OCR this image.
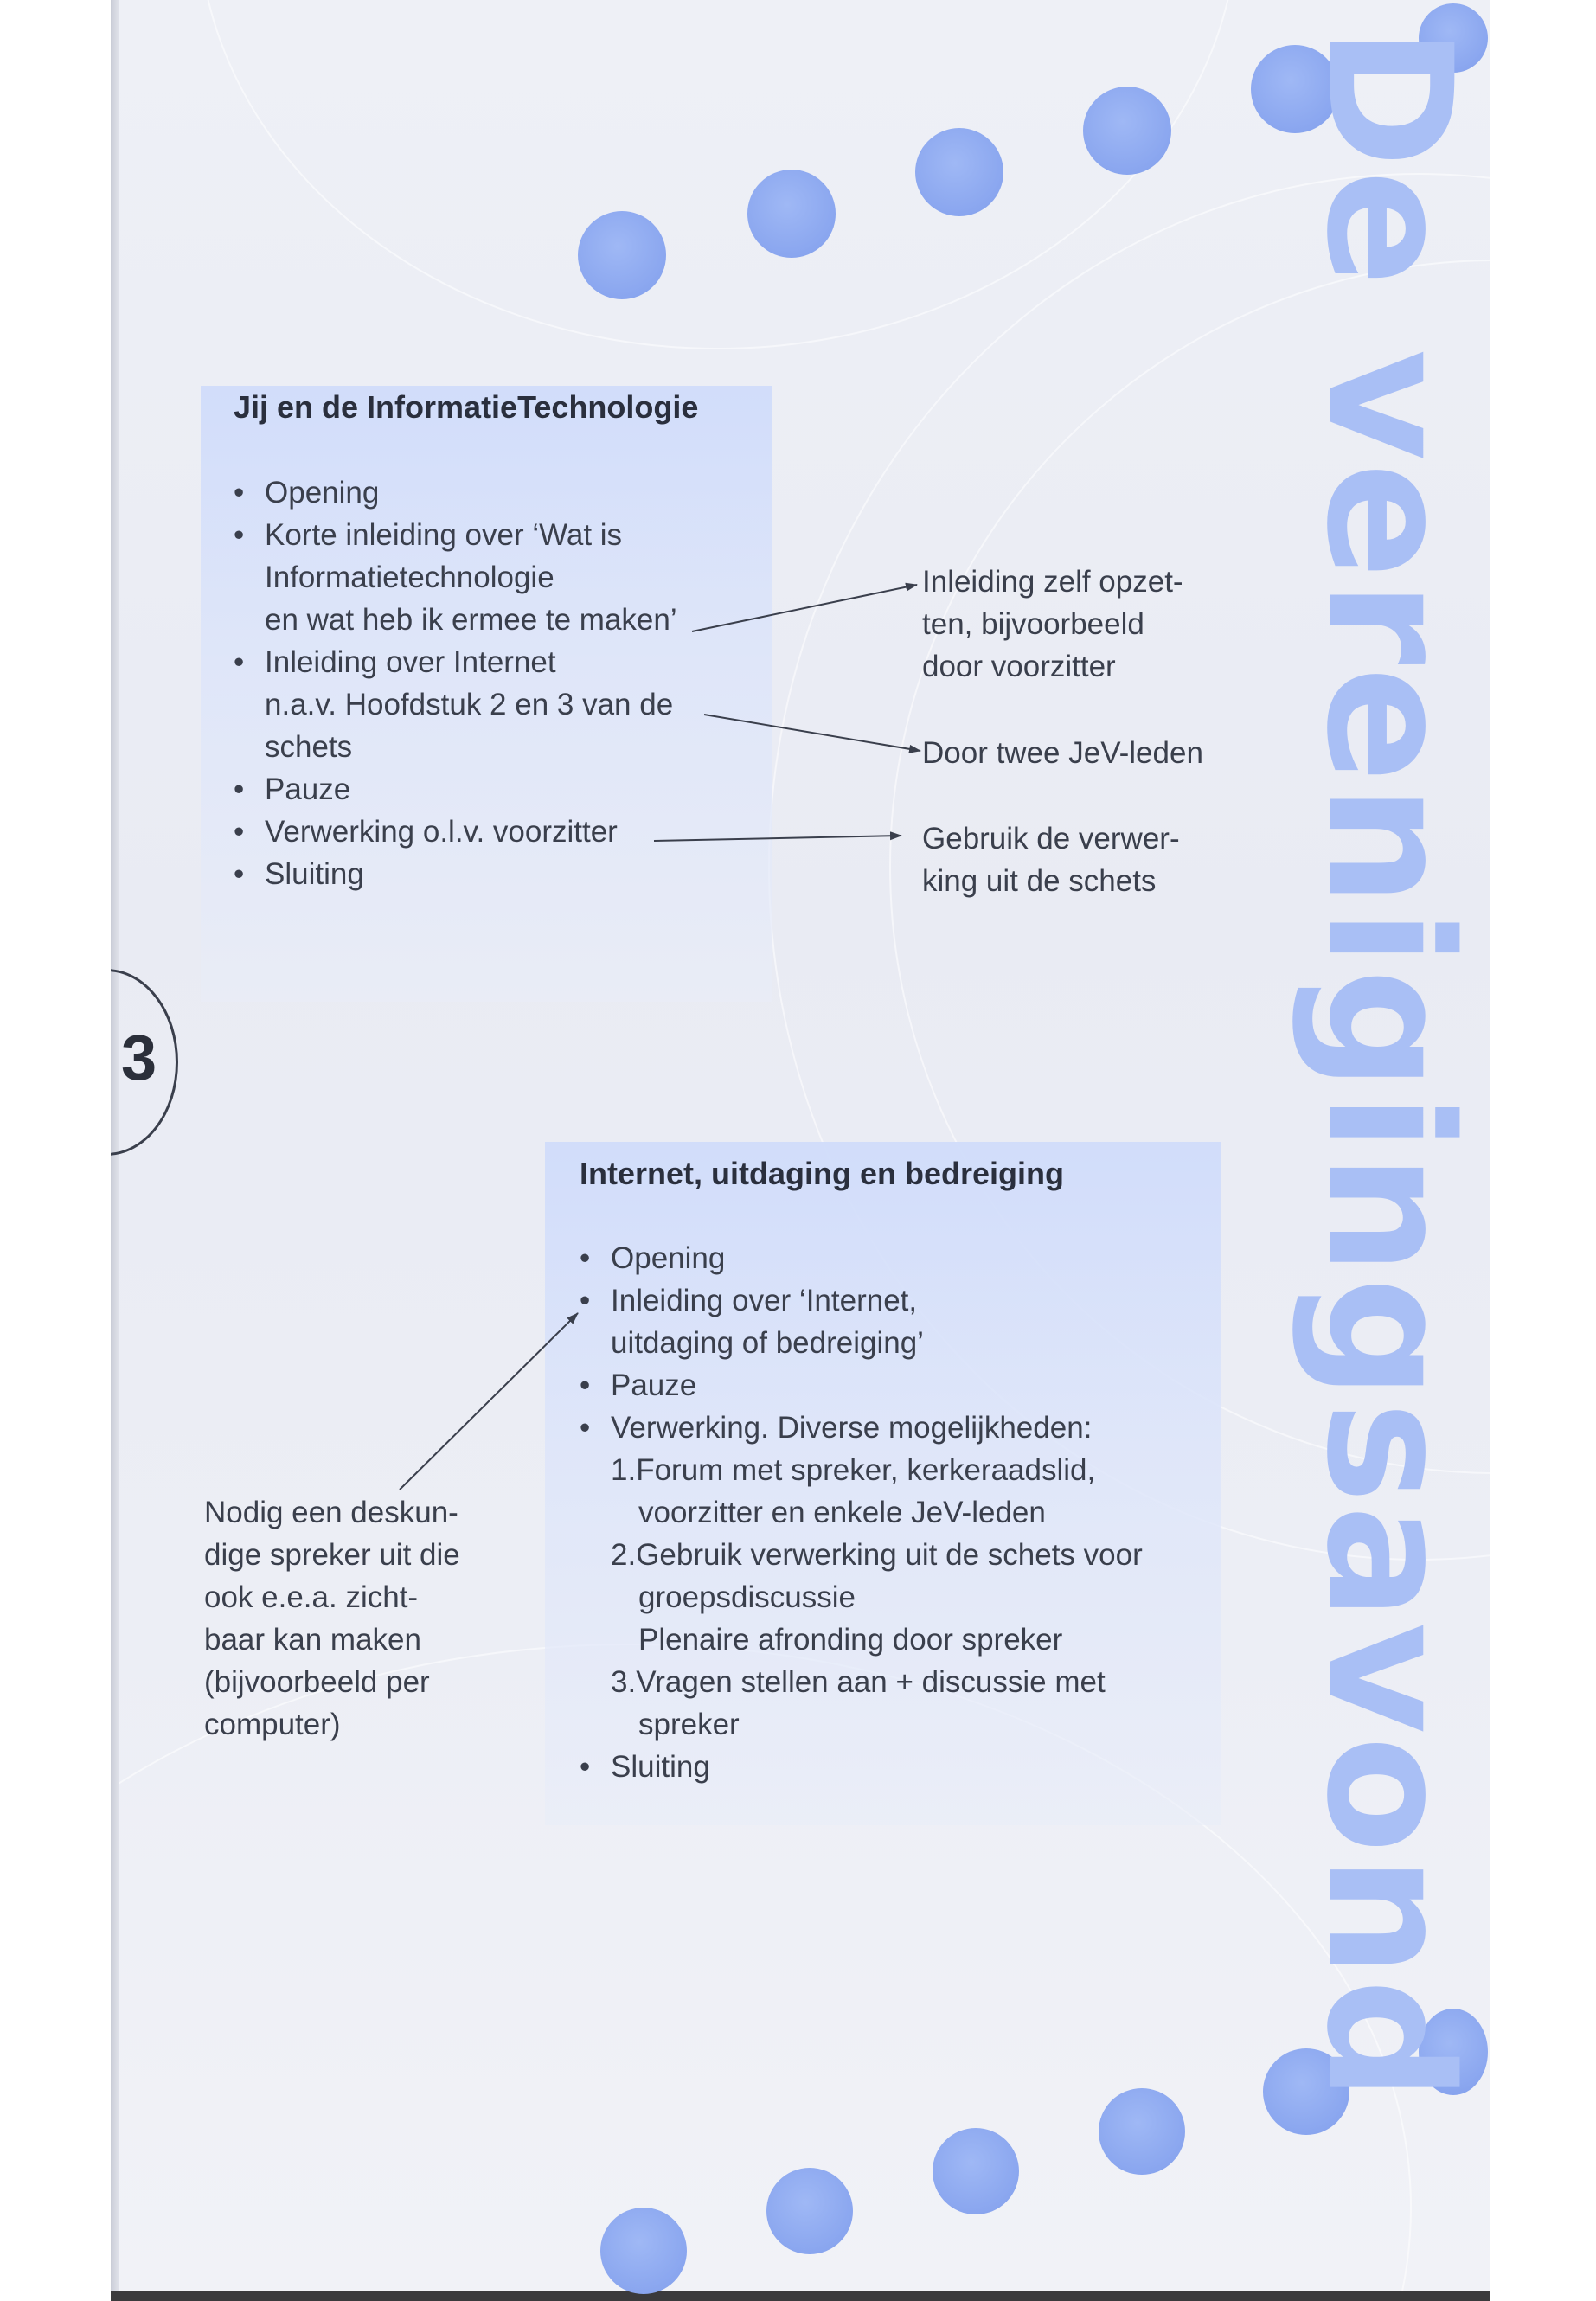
De verenigingsavond
3
Jij en de InformatieTechnologie
• Opening
• Korte inleiding over ‘Wat is
Informatietechnologie
en wat heb ik ermee te maken’
• Inleiding over Internet
n.a.v. Hoofdstuk 2 en 3 van de
schets
• Pauze
• Verwerking o.l.v. voorzitter
• Sluiting
Inleiding zelf opzet-
ten, bijvoorbeeld
door voorzitter
Door twee JeV-leden
Gebruik de verwer-
king uit de schets
Internet, uitdaging en bedreiging
• Opening
• Inleiding over ‘Internet,
uitdaging of bedreiging’
• Pauze
• Verwerking. Diverse mogelijkheden:
1.Forum met spreker, kerkeraadslid,
voorzitter en enkele JeV-leden
2.Gebruik verwerking uit de schets voor
groepsdiscussie
Plenaire afronding door spreker
3.Vragen stellen aan + discussie met
spreker
• Sluiting
Nodig een deskun-
dige spreker uit die
ook e.e.a. zicht-
baar kan maken
(bijvoorbeeld per
computer)
